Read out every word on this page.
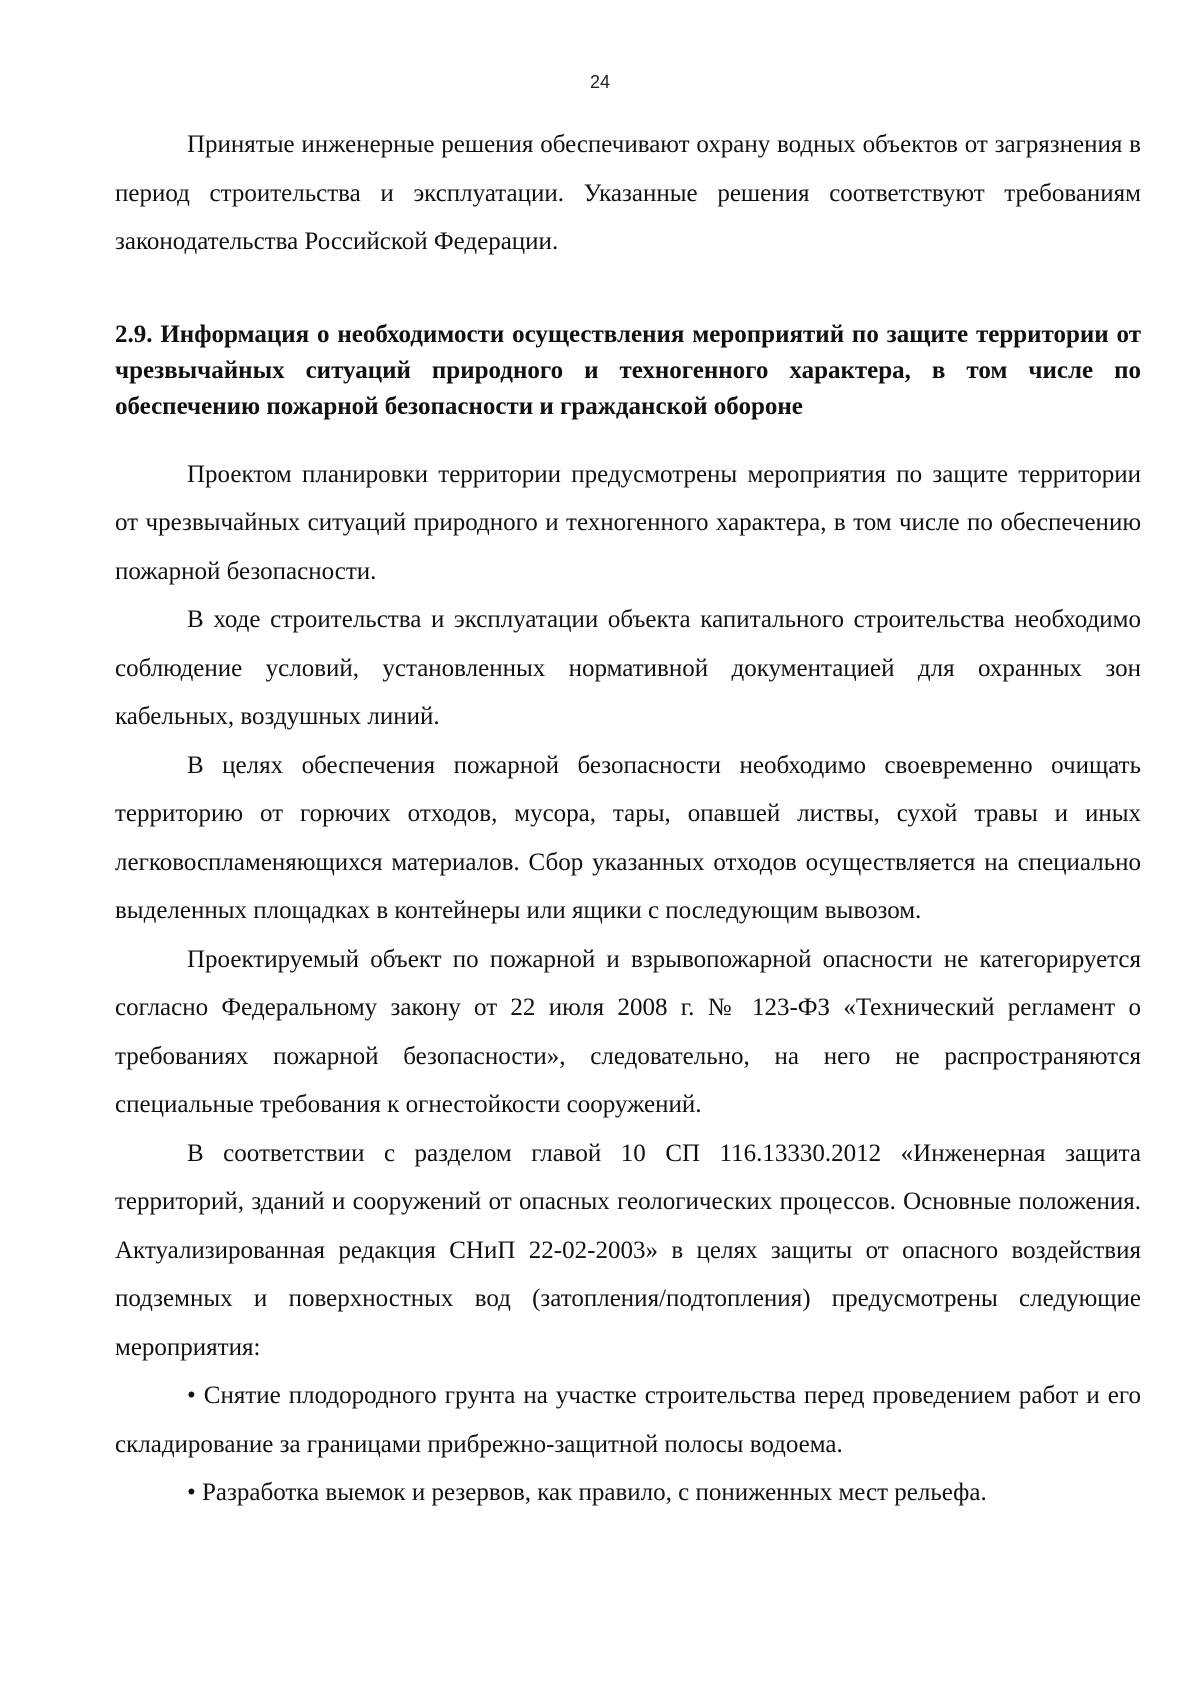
24

Принятые инженерные решения обеспечивают охрану водных объектов от загрязнения в период строительства и эксплуатации. Указанные решения соответствуют требованиям законодательства Российской Федерации.

2.9. Информация о необходимости осуществления мероприятий по защите территории от чрезвычайных ситуаций природного и техногенного характера, в том числе по обеспечению пожарной безопасности и гражданской обороне

Проектом планировки территории предусмотрены мероприятия по защите территории от чрезвычайных ситуаций природного и техногенного характера, в том числе по обеспечению пожарной безопасности.

В ходе строительства и эксплуатации объекта капитального строительства необходимо соблюдение условий, установленных нормативной документацией для охранных зон кабельных, воздушных линий.

В целях обеспечения пожарной безопасности необходимо своевременно очищать территорию от горючих отходов, мусора, тары, опавшей листвы, сухой травы и иных легковоспламеняющихся материалов. Сбор указанных отходов осуществляется на специально выделенных площадках в контейнеры или ящики с последующим вывозом.

Проектируемый объект по пожарной и взрывопожарной опасности не категорируется согласно Федеральному закону от 22 июля 2008 г. № 123-ФЗ «Технический регламент о требованиях пожарной безопасности», следовательно, на него не распространяются специальные требования к огнестойкости сооружений.

В соответствии с разделом главой 10 СП 116.13330.2012 «Инженерная защита территорий, зданий и сооружений от опасных геологических процессов. Основные положения. Актуализированная редакция СНиП 22-02-2003» в целях защиты от опасного воздействия подземных и поверхностных вод (затопления/подтопления) предусмотрены следующие мероприятия:

• Снятие плодородного грунта на участке строительства перед проведением работ и его складирование за границами прибрежно-защитной полосы водоема.

• Разработка выемок и резервов, как правило, с пониженных мест рельефа.
